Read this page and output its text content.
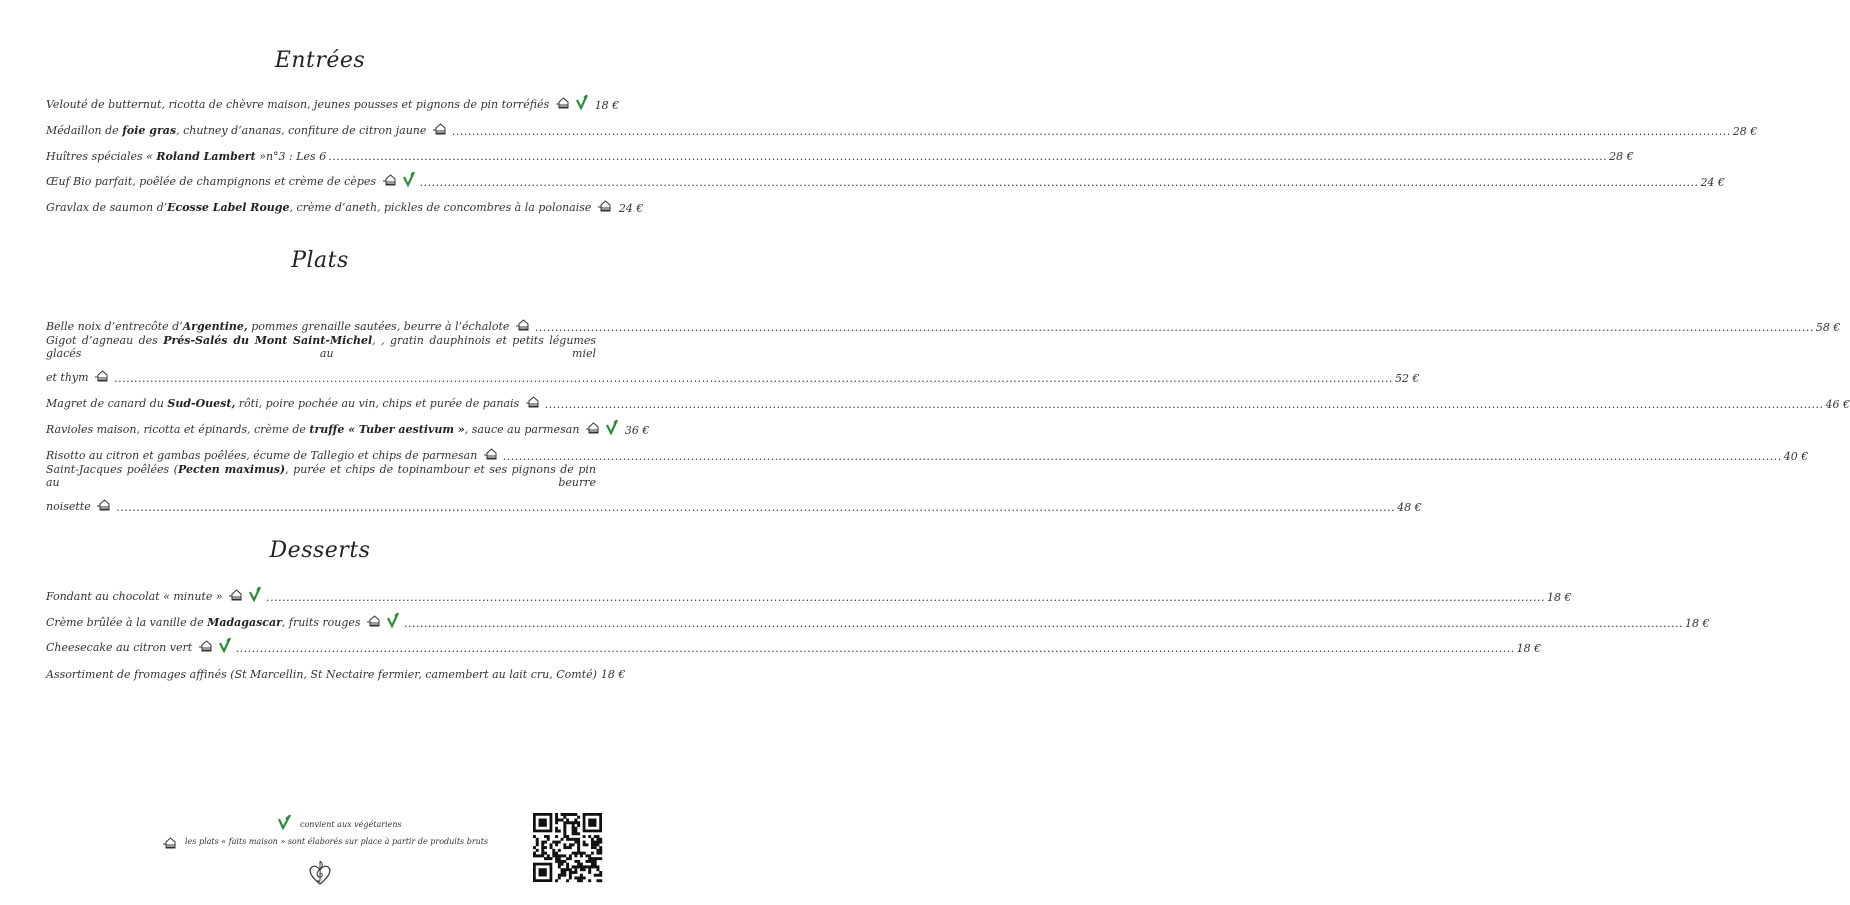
Entrées
Velouté de butternut, ricotta de chèvre maison, jeunes pousses et pignons de pin torréfiés	18 €
Médaillon de foie gras, chutney d’ananas, confiture de citron jaune .....	28 €
Huîtres spéciales « Roland Lambert »n°3 : Les 6 .....	28 €
Œuf Bio parfait, poêlée de champignons et crème de cèpes .....	24 €
Gravlax de saumon d’Ecosse Label Rouge, crème d’aneth, pickles de concombres à la polonaise	24 €
Plats
Belle noix d’entrecôte d’Argentine, pommes grenaille sautées, beurre à l’échalote .....	58 €
Gigot d’agneau des Prés-Salés du Mont Saint-Michel, , gratin dauphinois et petits légumes glacés au miel
et thym .....	52 €
Magret de canard du Sud-Ouest, rôti, poire pochée au vin, chips et purée de panais .....	46 €
Ravioles maison, ricotta et épinards, crème de truffe « Tuber aestivum », sauce au parmesan	36 €
Risotto au citron et gambas poêlées, écume de Tallegio et chips de parmesan .....	40 €
Saint-Jacques poêlées (Pecten maximus), purée et chips de topinambour et ses pignons de pin au beurre
noisette .....	48 €
Desserts
Fondant au chocolat « minute » .....	18 €
Crème brûlée à la vanille de Madagascar, fruits rouges .....	18 €
Cheesecake au citron vert .....	18 €
Assortiment de fromages affinés (St Marcellin, St Nectaire fermier, camembert au lait cru, Comté) 18 €
convient aux végétariens
les plats « faits maison » sont élaborés sur place à partir de produits bruts
